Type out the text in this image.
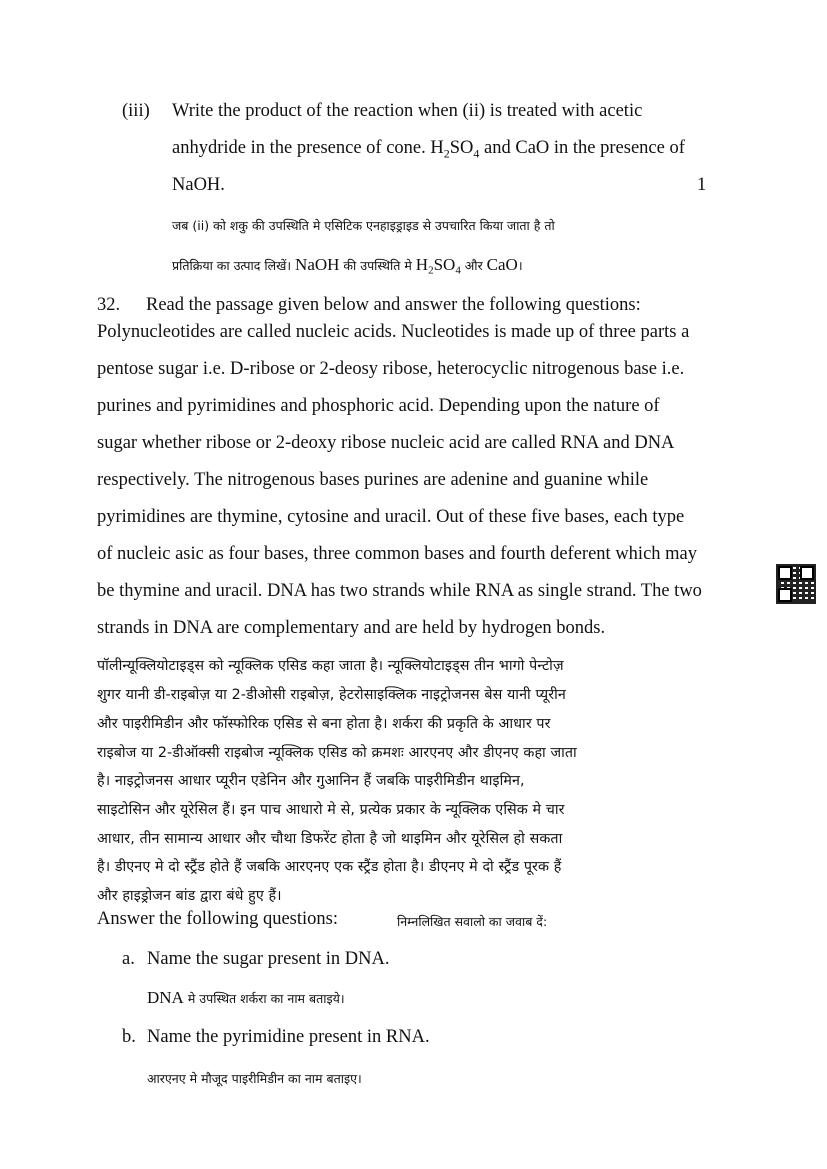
(iii) Write the product of the reaction when (ii) is treated with acetic
anhydride in the presence of cone. $H_2SO_4$ and CaO in the presence of
NaOH.	1
जब (ii) को शकु की उपस्थिति मे एसिटिक एनहाइड्राइड से उपचारित किया जाता है तो
प्रतिक्रिया का उत्पाद लिखें। NaOH की उपस्थिति मे $H_2SO_4$ और CaO।
32. Read the passage given below and answer the following questions:
Polynucleotides are called nucleic acids. Nucleotides is made up of three parts a
pentose sugar i.e. D-ribose or 2-deosy ribose, heterocyclic nitrogenous base i.e.
purines and pyrimidines and phosphoric acid. Depending upon the nature of
sugar whether ribose or 2-deoxy ribose nucleic acid are called RNA and DNA
respectively. The nitrogenous bases purines are adenine and guanine while
pyrimidines are thymine, cytosine and uracil. Out of these five bases, each type
of nucleic asic as four bases, three common bases and fourth deferent which may
be thymine and uracil. DNA has two strands while RNA as single strand. The two
strands in DNA are complementary and are held by hydrogen bonds.
पॉलीन्यूक्लियोटाइड्स को न्यूक्लिक एसिड कहा जाता है। न्यूक्लियोटाइड्स तीन भागो पेन्टोज़
शुगर यानी डी-राइबोज़ या 2-डीओसी राइबोज़, हेटरोसाइक्लिक नाइट्रोजनस बेस यानी प्यूरीन
और पाइरीमिडीन और फॉस्फोरिक एसिड से बना होता है। शर्करा की प्रकृति के आधार पर
राइबोज या 2-डीऑक्सी राइबोज न्यूक्लिक एसिड को क्रमशः आरएनए और डीएनए कहा जाता
है। नाइट्रोजनस आधार प्यूरीन एडेनिन और गुआनिन हैं जबकि पाइरीमिडीन थाइमिन,
साइटोसिन और यूरेसिल हैं। इन पाच आधारो मे से, प्रत्येक प्रकार के न्यूक्लिक एसिक मे चार
आधार, तीन सामान्य आधार और चौथा डिफरेंट होता है जो थाइमिन और यूरेसिल हो सकता
है। डीएनए मे दो स्ट्रैंड होते हैं जबकि आरएनए एक स्ट्रैंड होता है। डीएनए मे दो स्ट्रैंड पूरक हैं
और हाइड्रोजन बांड द्वारा बंधे हुए हैं।
Answer the following questions:	निम्नलिखित सवालो का जवाब दें:
a. Name the sugar present in DNA.
DNA मे उपस्थित शर्करा का नाम बताइये।
b. Name the pyrimidine present in RNA.
आरएनए मे मौजूद पाइरीमिडीन का नाम बताइए।
